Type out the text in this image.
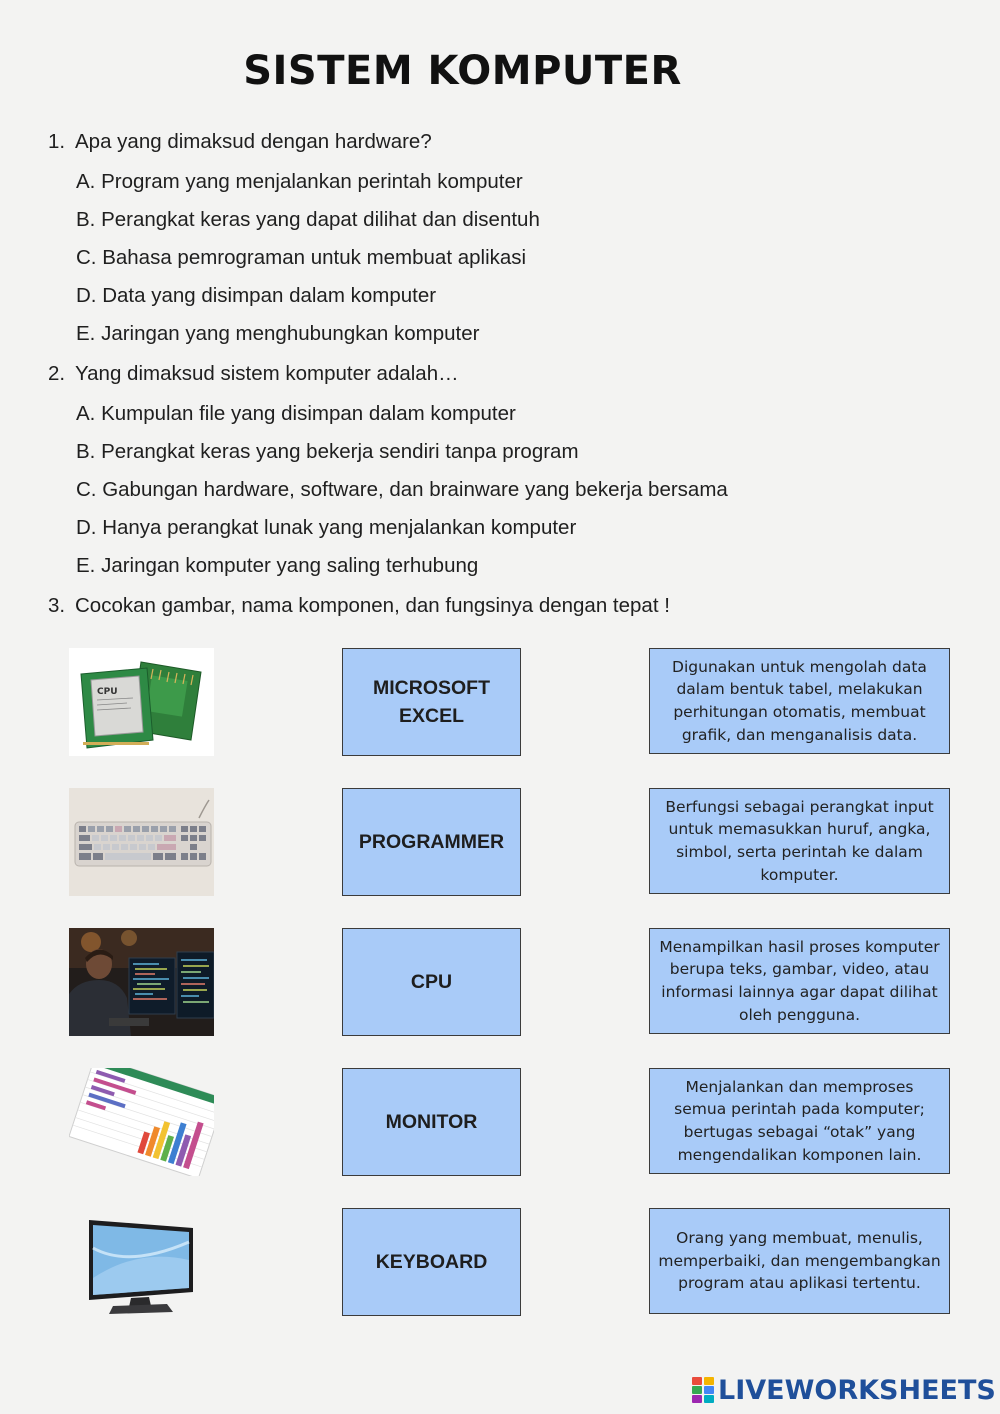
SISTEM KOMPUTER
1. Apa yang dimaksud dengan hardware?
A. Program yang menjalankan perintah komputer
B. Perangkat keras yang dapat dilihat dan disentuh
C. Bahasa pemrograman untuk membuat aplikasi
D. Data yang disimpan dalam komputer
E. Jaringan yang menghubungkan komputer
2. Yang dimaksud sistem komputer adalah…
A. Kumpulan file yang disimpan dalam komputer
B. Perangkat keras yang bekerja sendiri tanpa program
C. Gabungan hardware, software, dan brainware yang bekerja bersama
D. Hanya perangkat lunak yang menjalankan komputer
E. Jaringan komputer yang saling terhubung
3. Cocokan gambar, nama komponen, dan fungsinya dengan tepat !
CPU	MICROSOFT
EXCEL
Digunakan untuk mengolah data dalam bentuk tabel, melakukan perhitungan otomatis, membuat grafik, dan menganalisis data.
PROGRAMMER
Berfungsi sebagai perangkat input untuk memasukkan huruf, angka, simbol, serta perintah ke dalam komputer.
CPU
Menampilkan hasil proses komputer berupa teks, gambar, video, atau informasi lainnya agar dapat dilihat oleh pengguna.
MONITOR
Menjalankan dan memproses semua perintah pada komputer; bertugas sebagai “otak” yang mengendalikan komponen lain.
KEYBOARD
Orang yang membuat, menulis, memperbaiki, dan mengembangkan program atau aplikasi tertentu.
LIVEWORKSHEETS
